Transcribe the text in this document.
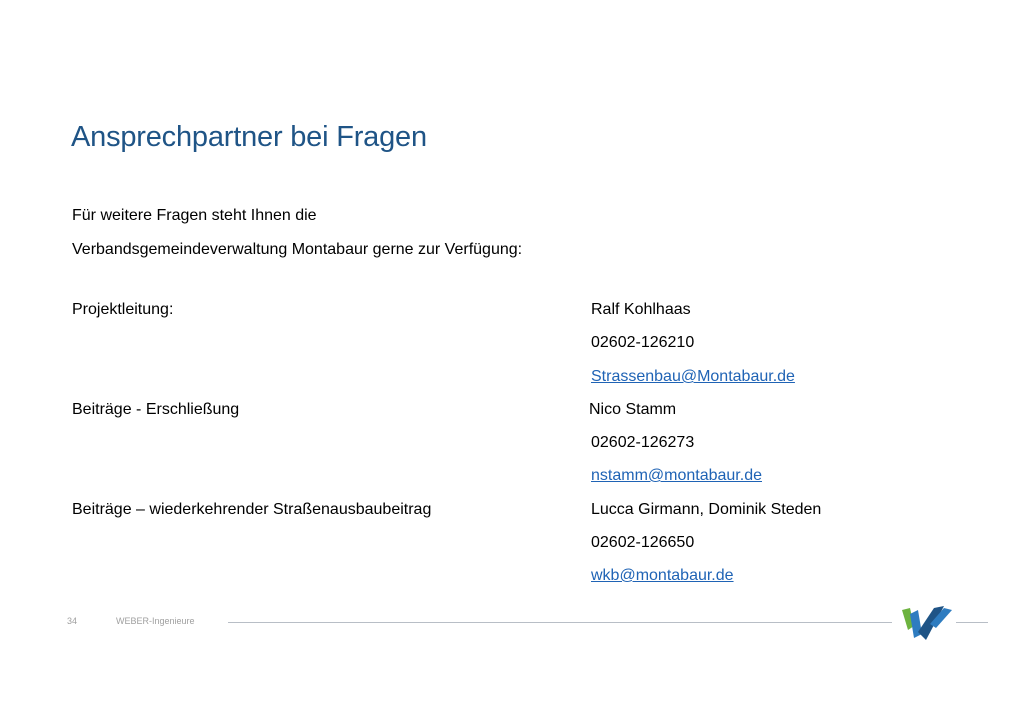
Ansprechpartner bei Fragen
Für weitere Fragen steht Ihnen die
Verbandsgemeindeverwaltung Montabaur gerne zur Verfügung:
Projektleitung:	Ralf Kohlhaas
02602-126210
Strassenbau@Montabaur.de
Beiträge - Erschließung	Nico Stamm
02602-126273
nstamm@montabaur.de
Beiträge – wiederkehrender Straßenausbaubeitrag	Lucca Girmann, Dominik Steden
02602-126650
wkb@montabaur.de
34	WEBER-Ingenieure
